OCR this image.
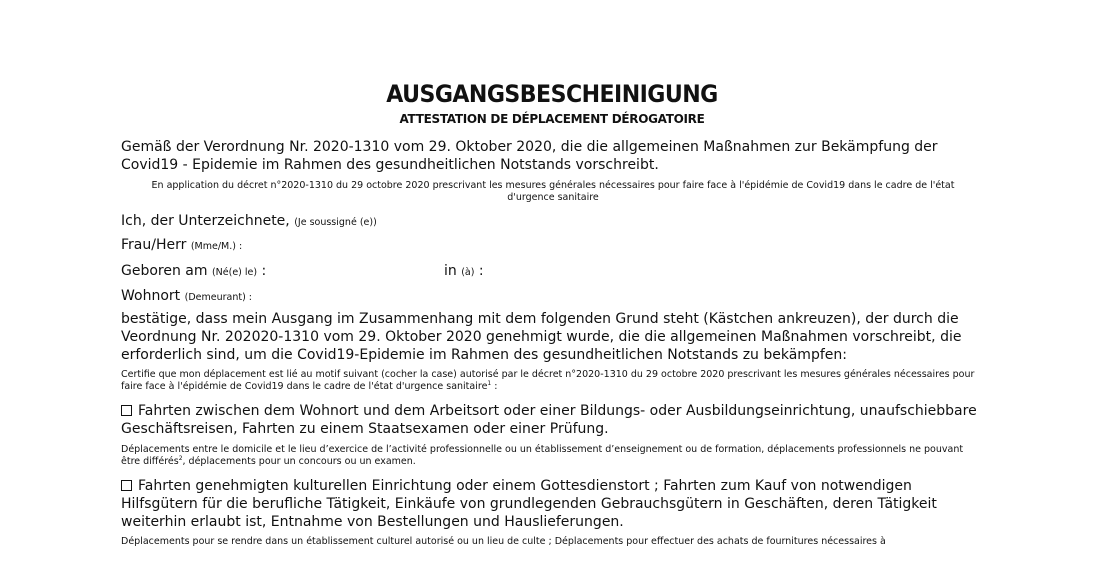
AUSGANGSBESCHEINIGUNG
ATTESTATION DE DÉPLACEMENT DÉROGATOIRE
Gemäß der Verordnung Nr. 2020-1310 vom 29. Oktober 2020, die die allgemeinen Maßnahmen zur Bekämpfung der Covid19 - Epidemie im Rahmen des gesundheitlichen Notstands vorschreibt.
En application du décret n°2020-1310 du 29 octobre 2020 prescrivant les mesures générales nécessaires pour faire face à l'épidémie de Covid19 dans le cadre de l'état d'urgence sanitaire
Ich, der Unterzeichnete, (Je soussigné (e))
Frau/Herr (Mme/M.) :
Geboren am (Né(e) le) :	in (à) :
Wohnort (Demeurant) :
bestätige, dass mein Ausgang im Zusammenhang mit dem folgenden Grund steht (Kästchen ankreuzen), der durch die Veordnung Nr. 202020-1310 vom 29. Oktober 2020 genehmigt wurde, die die allgemeinen Maßnahmen vorschreibt, die erforderlich sind, um die Covid19-Epidemie im Rahmen des gesundheitlichen Notstands zu bekämpfen:
Certifie que mon déplacement est lié au motif suivant (cocher la case) autorisé par le décret n°2020-1310 du 29 octobre 2020 prescrivant les mesures générales nécessaires pour faire face à l'épidémie de Covid19 dans le cadre de l'état d'urgence sanitaire$^1$ :
Fahrten zwischen dem Wohnort und dem Arbeitsort oder einer Bildungs- oder Ausbildungseinrichtung, unaufschiebbare Geschäftsreisen, Fahrten zu einem Staatsexamen oder einer Prüfung.
Déplacements entre le domicile et le lieu d’exercice de l’activité professionnelle ou un établissement d’enseignement ou de formation, déplacements professionnels ne pouvant être différés$^2$, déplacements pour un concours ou un examen.
Fahrten genehmigten kulturellen Einrichtung oder einem Gottesdienstort ; Fahrten zum Kauf von notwendigen Hilfsgütern für die berufliche Tätigkeit, Einkäufe von grundlegenden Gebrauchsgütern in Geschäften, deren Tätigkeit weiterhin erlaubt ist, Entnahme von Bestellungen und Hauslieferungen.
Déplacements pour se rendre dans un établissement culturel autorisé ou un lieu de culte ; Déplacements pour effectuer des achats de fournitures nécessaires à
